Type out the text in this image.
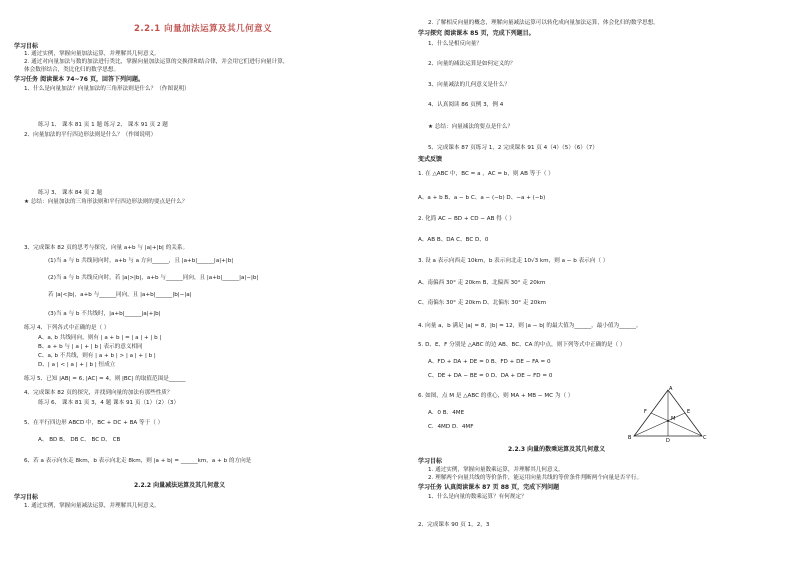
2.2.1 向量加法运算及其几何意义
学习目标
1. 通过实例，掌握向量加法运算，并理解其几何意义。
2. 通过对向量加法与数的加法进行类比，掌握向量加法运算的交换律和结合律，并会用它们进行向量计算，
体会数形结合，类比化归的数学思想。
学习任务 阅读课本 74~76 页，回答下列问题。
1、什么是向量加法？向量加法的三角形法则是什么？（作图说明）
练习 1、 课本 81 页 1 题 练习 2、 课本 91 页 2 题
2、向量加法的平行四边形法则是什么？（作图说明）
练习 3、 课本 84 页 2 题
★ 总结：向量加法的三角形法则和平行四边形法则的要点是什么？
3、完成课本 82 页的思考与探究，向量 a+b 与 |a|+|b| 的关系。
(1)当 a 与 b 共线同向时，a+b 与 a 方向______，且 |a+b|______|a|+|b|
(2)当 a 与 b 共线反向时，若 |a|>|b|，a+b 与______同向，且 |a+b|______|a|−|b|
若 |a|<|b|，a+b 与______同向，且 |a+b|______|b|−|a|
(3)当 a 与 b 不共线时，|a+b|______|a|+|b|
练习 4、下列各式中正确的是（ ）
A、a, b 共线同向，则有 | a + b | = | a | + | b |
B、a + b 与 | a | + | b | 表示的意义相同
C、a, b 不共线，则有 | a + b | > | a | + | b |
D、| a | < | a | + | b | 恒成立
练习 5、已知 |AB| = 6, |AC| = 4，则 |BC| 的取值范围是______
4、完成课本 82 页的探究，并找到向量的加法有那些性质？
练习 6、 课本 81 页 3，4 题 课本 91 页（1）（2）（3）
5、在平行四边形 ABCD 中，BC + DC + BA 等于（ ）
A、 BD B、 DB C、 BC D、 CB
6、若 a 表示向东走 8km，b 表示向北走 8km，则 |a + b| = ______km，a + b 的方向是
2.2.2 向量减法运算及其几何意义
学习目标
1. 通过实例，掌握向量减法运算，并理解其几何意义。
2. 了解相反向量的概念，理解向量减法运算可以转化成向量加法运算，体会化归的数学思想。
学习探究 阅读课本 85 页，完成下列题目。
1、什么是相反向量？
2、向量的减法运算是如何定义的？
3、向量减法的几何意义是什么？
4、认真阅读 86 页例 3，例 4
★ 总结：向量减法的要点是什么？
5、完成课本 87 页练习 1，2 完成课本 91 页 4（4）（5）（6）（7）
变式反馈
1. 在 △ABC 中，BC = a ，AC = b，则 AB 等于（ ）
A、a + b B、a − b C、a − (−b) D、−a + (−b)
2. 化简 AC − BD + CD − AB 得（ ）
A、AB B、DA C、BC D、0
3. 设 a 表示向西走 10km，b 表示向北走 10√3 km，则 a − b 表示向（ ）
A、南偏西 30° 走 20km B、北偏西 30° 走 20km
C、南偏东 30° 走 20km D、北偏东 30° 走 20km
4. 向量 a，b 满足 |a| = 8，|b| = 12，则 |a − b| 的最大值为______，最小值为______。
5. D、E、F 分别是 △ABC 的边 AB、BC、CA 的中点，则下列等式中正确的是（ ）
A、FD + DA + DE = 0 B、FD + DE − FA = 0
C、DE + DA − BE = 0 D、DA + DE − FD = 0
6. 如图，点 M 是 △ABC 的重心，则 MA + MB − MC 为（ ）
A．0 B．4ME
C．4MD D．4MF
2.2.3 向量的数乘运算及其几何意义
学习目标
1. 通过实例，掌握向量数乘运算，并理解其几何意义。
2. 理解两个向量共线的等价条件，能运用向量共线的等价条件判断两个向量是否平行。
学习任务 认真阅读课本 87 页 88 页，完成下列问题
1、什么是向量的数乘运算？有何规定？
2、完成课本 90 页 1，2，3
A
B	C
D
E
F
M
